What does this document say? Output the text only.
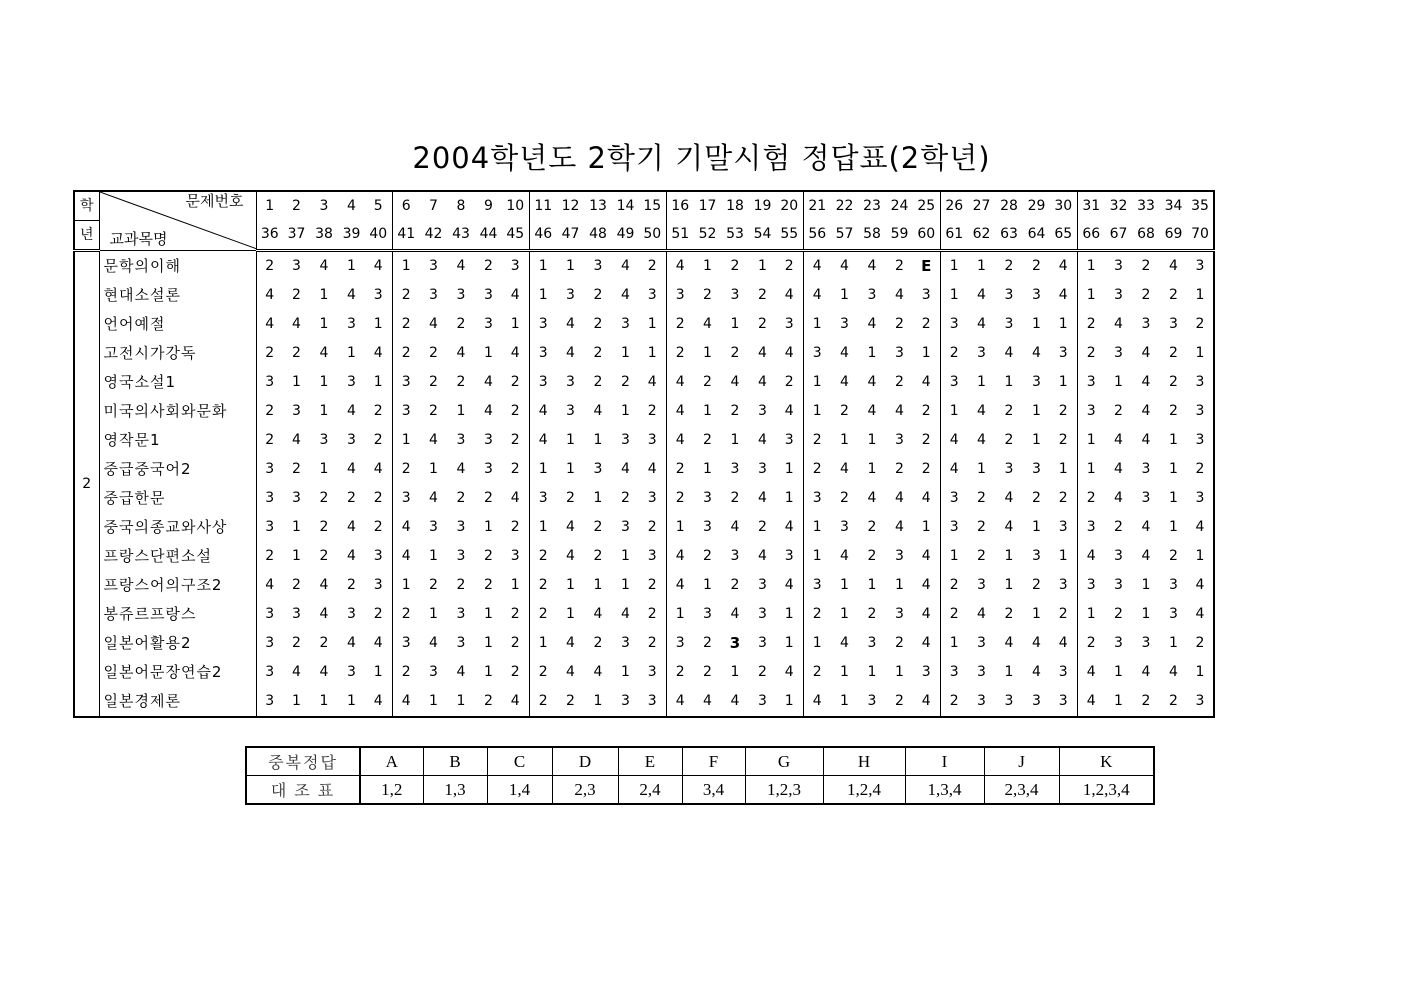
2004학년도 2학기 기말시험 정답표(2학년)
학	문제번호
교과목명	1	2	3	4	5	6	7	8	9	10	11	12	13	14	15	16	17	18	19	20	21	22	23	24	25	26	27	28	29	30	31	32	33	34	35
년		36	37	38	39	40	41	42	43	44	45	46	47	48	49	50	51	52	53	54	55	56	57	58	59	60	61	62	63	64	65	66	67	68	69	70
2	문학의이해	2	3	4	1	4	1	3	4	2	3	1	1	3	4	2	4	1	2	1	2	4	4	4	2	E	1	1	2	2	4	1	3	2	4	3
	현대소설론	4	2	1	4	3	2	3	3	3	4	1	3	2	4	3	3	2	3	2	4	4	1	3	4	3	1	4	3	3	4	1	3	2	2	1
	언어예절	4	4	1	3	1	2	4	2	3	1	3	4	2	3	1	2	4	1	2	3	1	3	4	2	2	3	4	3	1	1	2	4	3	3	2
	고전시가강독	2	2	4	1	4	2	2	4	1	4	3	4	2	1	1	2	1	2	4	4	3	4	1	3	1	2	3	4	4	3	2	3	4	2	1
	영국소설1	3	1	1	3	1	3	2	2	4	2	3	3	2	2	4	4	2	4	4	2	1	4	4	2	4	3	1	1	3	1	3	1	4	2	3
	미국의사회와문화	2	3	1	4	2	3	2	1	4	2	4	3	4	1	2	4	1	2	3	4	1	2	4	4	2	1	4	2	1	2	3	2	4	2	3
	영작문1	2	4	3	3	2	1	4	3	3	2	4	1	1	3	3	4	2	1	4	3	2	1	1	3	2	4	4	2	1	2	1	4	4	1	3
	중급중국어2	3	2	1	4	4	2	1	4	3	2	1	1	3	4	4	2	1	3	3	1	2	4	1	2	2	4	1	3	3	1	1	4	3	1	2
	중급한문	3	3	2	2	2	3	4	2	2	4	3	2	1	2	3	2	3	2	4	1	3	2	4	4	4	3	2	4	2	2	2	4	3	1	3
	중국의종교와사상	3	1	2	4	2	4	3	3	1	2	1	4	2	3	2	1	3	4	2	4	1	3	2	4	1	3	2	4	1	3	3	2	4	1	4
	프랑스단편소설	2	1	2	4	3	4	1	3	2	3	2	4	2	1	3	4	2	3	4	3	1	4	2	3	4	1	2	1	3	1	4	3	4	2	1
	프랑스어의구조2	4	2	4	2	3	1	2	2	2	1	2	1	1	1	2	4	1	2	3	4	3	1	1	1	4	2	3	1	2	3	3	3	1	3	4
	봉쥬르프랑스	3	3	4	3	2	2	1	3	1	2	2	1	4	4	2	1	3	4	3	1	2	1	2	3	4	2	4	2	1	2	1	2	1	3	4
	일본어활용2	3	2	2	4	4	3	4	3	1	2	1	4	2	3	2	3	2	3	3	1	1	4	3	2	4	1	3	4	4	4	2	3	3	1	2
	일본어문장연습2	3	4	4	3	1	2	3	4	1	2	2	4	4	1	3	2	2	1	2	4	2	1	1	1	3	3	3	1	4	3	4	1	4	4	1
	일본경제론	3	1	1	1	4	4	1	1	2	4	2	2	1	3	3	4	4	4	3	1	4	1	3	2	4	2	3	3	3	3	4	1	2	2	3
중복정답	A	B	C	D	E	F	G	H	I	J	K
대 조 표	1,2	1,3	1,4	2,3	2,4	3,4	1,2,3	1,2,4	1,3,4	2,3,4	1,2,3,4
